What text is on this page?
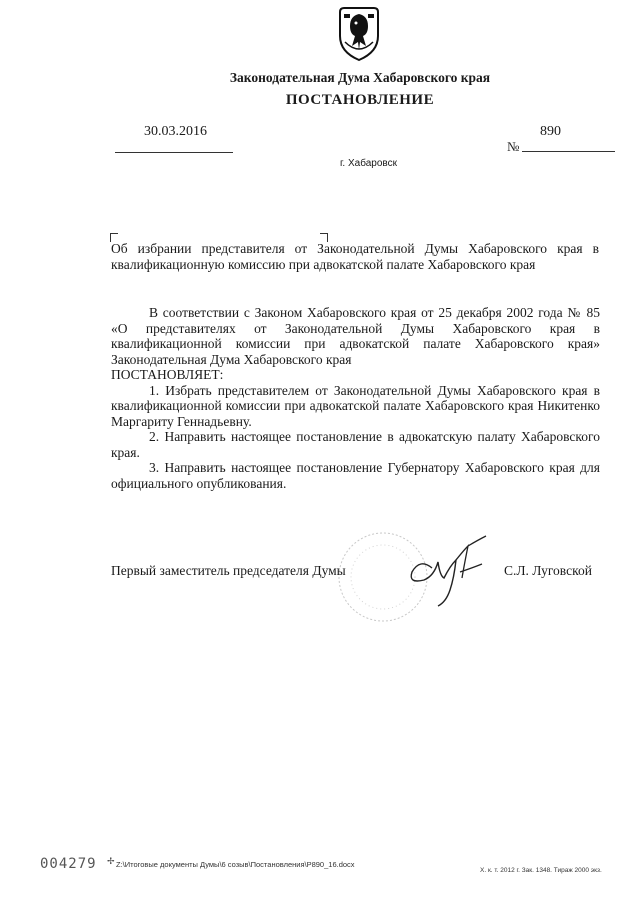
Законодательная Дума Хабаровского края
ПОСТАНОВЛЕНИЕ
30.03.2016	890
№
г. Хабаровск
Об избрании представителя от Законодательной Думы Хабаровского края в квалификационную комиссию при адвокатской палате Хабаровского края

В соответствии с Законом Хабаровского края от 25 декабря 2002 года № 85 «О представителях от Законодательной Думы Хабаровского края в квалификационной комиссии при адвокатской палате Хабаровского края» Законодательная Дума Хабаровского края

ПОСТАНОВЛЯЕТ:

1. Избрать представителем от Законодательной Думы Хабаровского края в квалификационной комиссии при адвокатской палате Хабаровского края Никитенко Маргариту Геннадьевну.

2. Направить настоящее постановление в адвокатскую палату Хабаровского края.

3. Направить настоящее постановление Губернатору Хабаровского края для официального опубликования.

Первый заместитель председателя Думы	С.Л. Луговской
004279 ✢ Z:\Итоговые документы Думы\6 созыв\Постановления\P890_16.docx
Х. к. т. 2012 г. Зак. 1348. Тираж 2000 экз.
